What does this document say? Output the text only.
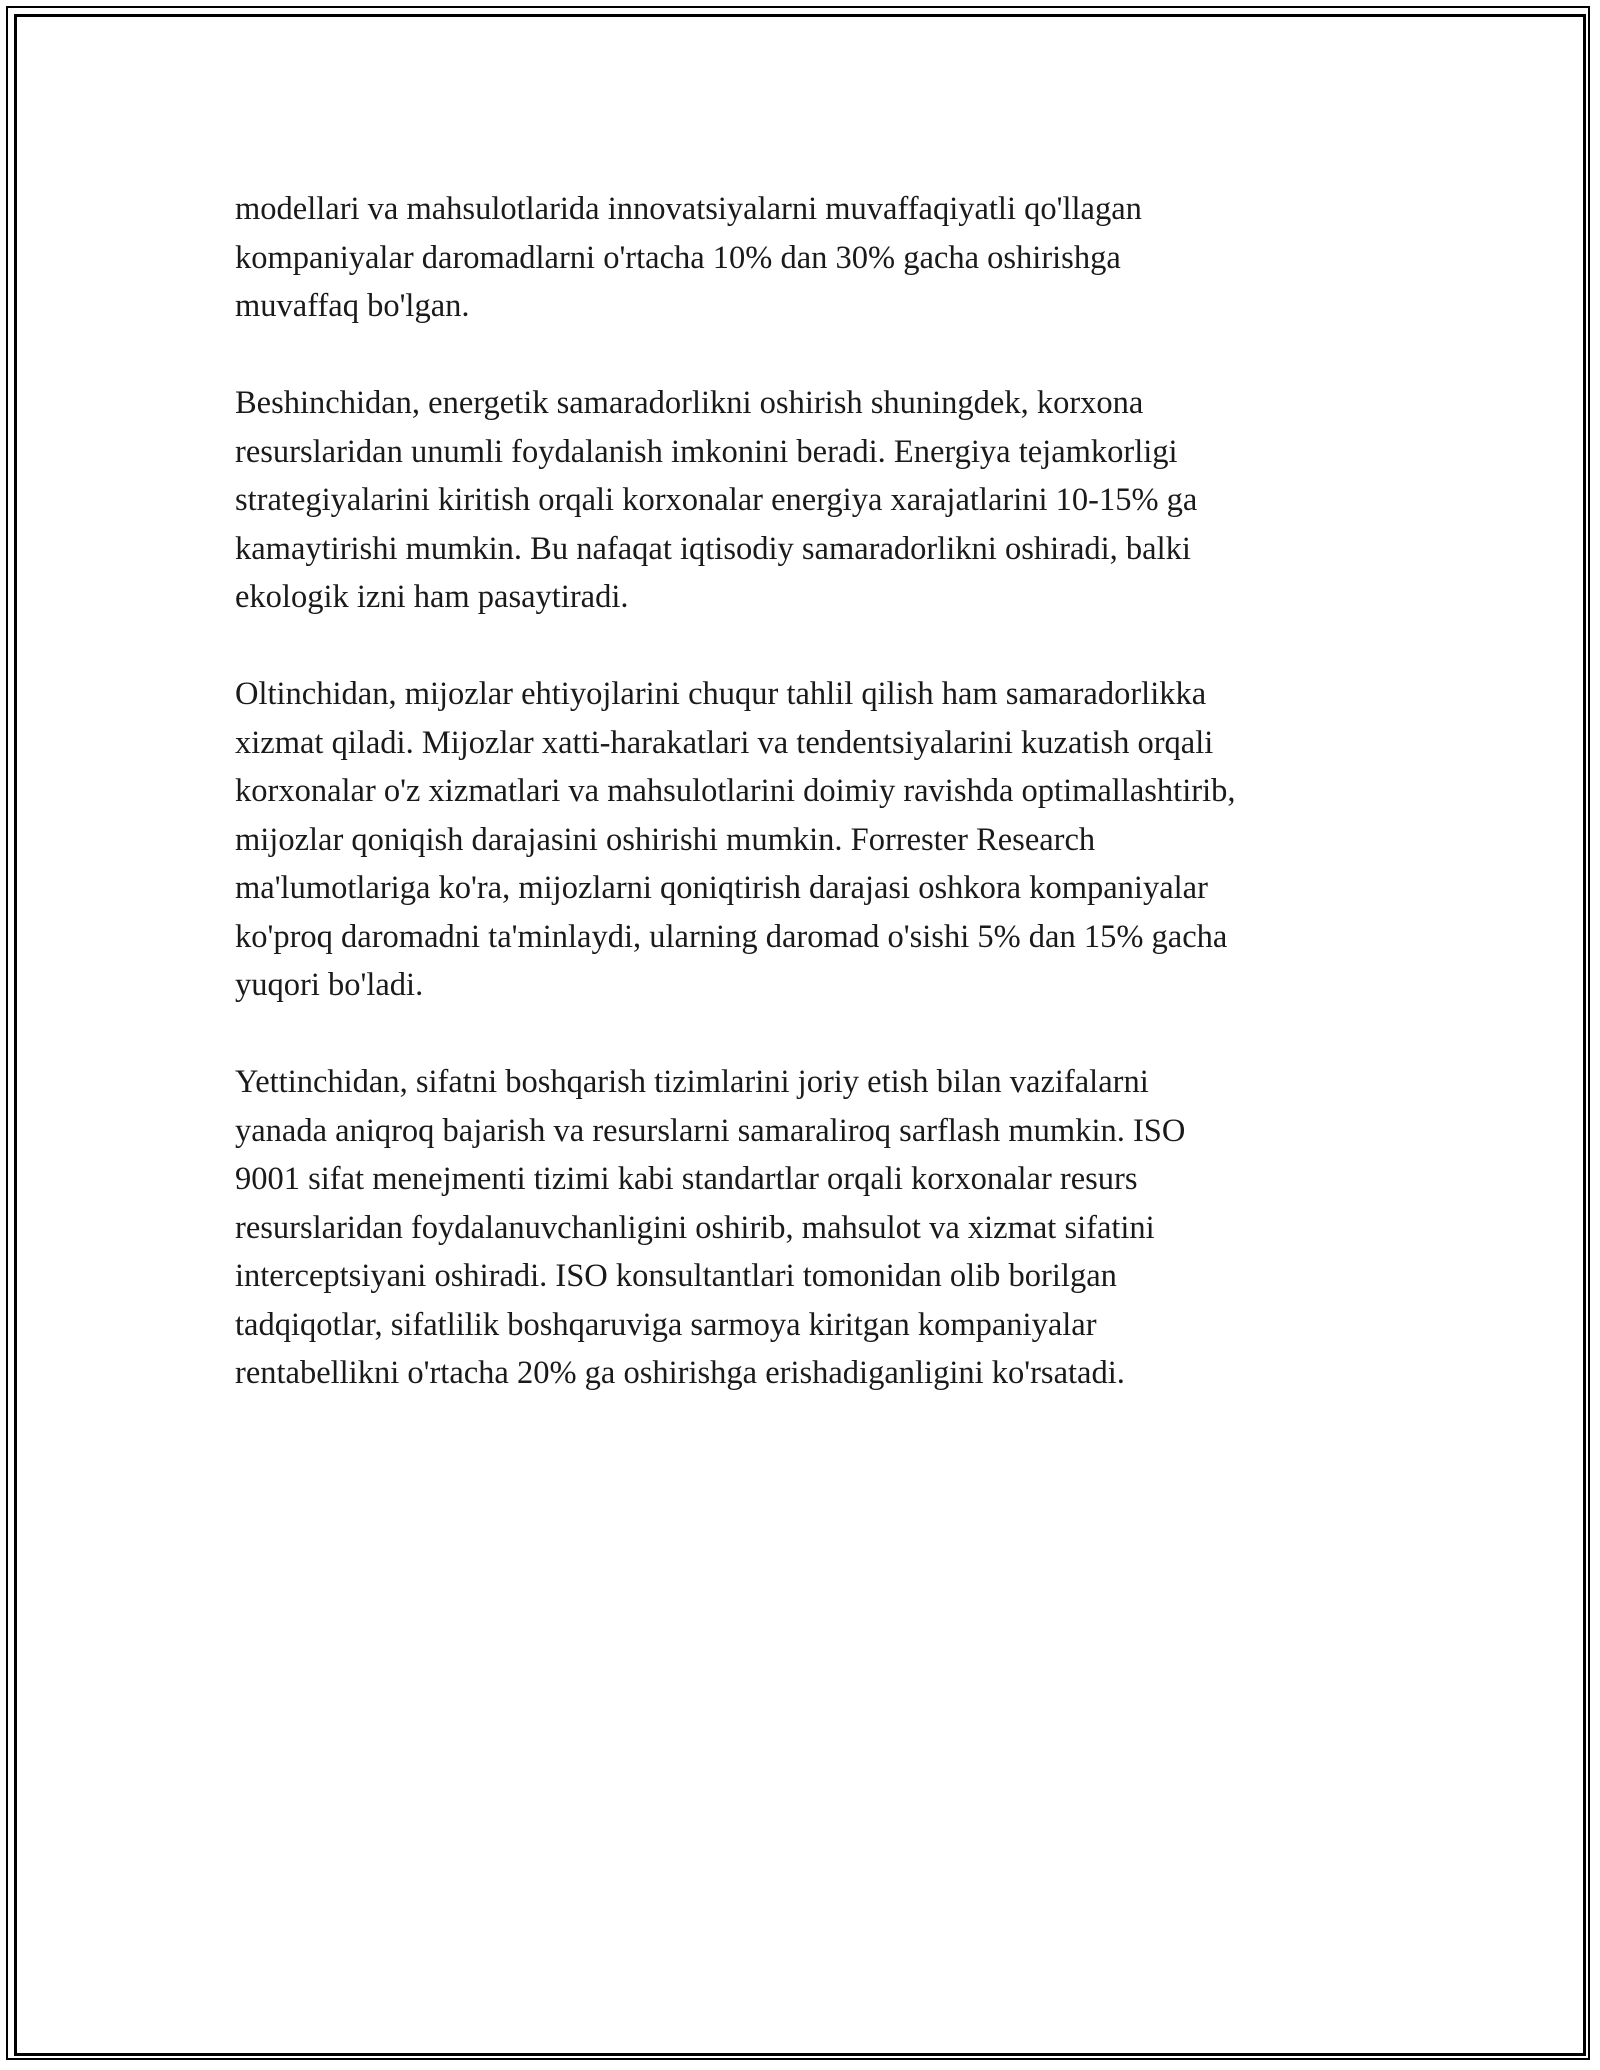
modellari va mahsulotlarida innovatsiyalarni muvaffaqiyatli qo'llagan
kompaniyalar daromadlarni o'rtacha 10% dan 30% gacha oshirishga
muvaffaq bo'lgan.

Beshinchidan, energetik samaradorlikni oshirish shuningdek, korxona
resurslaridan unumli foydalanish imkonini beradi. Energiya tejamkorligi
strategiyalarini kiritish orqali korxonalar energiya xarajatlarini 10-15% ga
kamaytirishi mumkin. Bu nafaqat iqtisodiy samaradorlikni oshiradi, balki
ekologik izni ham pasaytiradi.

Oltinchidan, mijozlar ehtiyojlarini chuqur tahlil qilish ham samaradorlikka
xizmat qiladi. Mijozlar xatti-harakatlari va tendentsiyalarini kuzatish orqali
korxonalar o'z xizmatlari va mahsulotlarini doimiy ravishda optimallashtirib,
mijozlar qoniqish darajasini oshirishi mumkin. Forrester Research
ma'lumotlariga ko'ra, mijozlarni qoniqtirish darajasi oshkora kompaniyalar
ko'proq daromadni ta'minlaydi, ularning daromad o'sishi 5% dan 15% gacha
yuqori bo'ladi.

Yettinchidan, sifatni boshqarish tizimlarini joriy etish bilan vazifalarni
yanada aniqroq bajarish va resurslarni samaraliroq sarflash mumkin. ISO
9001 sifat menejmenti tizimi kabi standartlar orqali korxonalar resurs
resurslaridan foydalanuvchanligini oshirib, mahsulot va xizmat sifatini
interceptsiyani oshiradi. ISO konsultantlari tomonidan olib borilgan
tadqiqotlar, sifatlilik boshqaruviga sarmoya kiritgan kompaniyalar
rentabellikni o'rtacha 20% ga oshirishga erishadiganligini ko'rsatadi.
